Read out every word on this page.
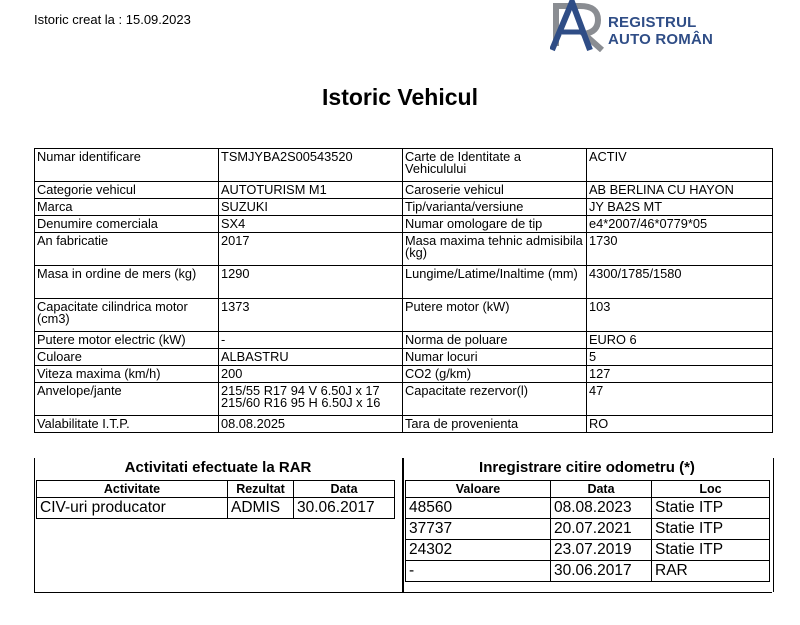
Istoric creat la : 15.09.2023	REGISTRUL
AUTO ROMÂN
Istoric Vehicul
Numar identificare	TSMJYBA2S00543520	Carte de Identitate a Vehiculului	ACTIV
Categorie vehicul	AUTOTURISM M1	Caroserie vehicul	AB BERLINA CU HAYON
Marca	SUZUKI	Tip/varianta/versiune	JY BA2S MT
Denumire comerciala	SX4	Numar omologare de tip	e4*2007/46*0779*05
An fabricatie	2017	Masa maxima tehnic admisibila (kg)	1730
Masa in ordine de mers (kg)	1290	Lungime/Latime/Inaltime (mm)	4300/1785/1580
Capacitate cilindrica motor (cm3)	1373	Putere motor (kW)	103
Putere motor electric (kW)	-	Norma de poluare	EURO 6
Culoare	ALBASTRU	Numar locuri	5
Viteza maxima (km/h)	200	CO2 (g/km)	127
Anvelope/jante	215/55 R17 94 V 6.50J x 17 215/60 R16 95 H 6.50J x 16	Capacitate rezervor(l)	47
Valabilitate I.T.P.	08.08.2025	Tara de provenienta	RO
Activitati efectuate la RAR	Inregistrare citire odometru (*)
Activitate	Rezultat	Data
CIV-uri producator	ADMIS	30.06.2017
Valoare	Data	Loc
48560	08.08.2023	Statie ITP
37737	20.07.2021	Statie ITP
24302	23.07.2019	Statie ITP
-	30.06.2017	RAR
